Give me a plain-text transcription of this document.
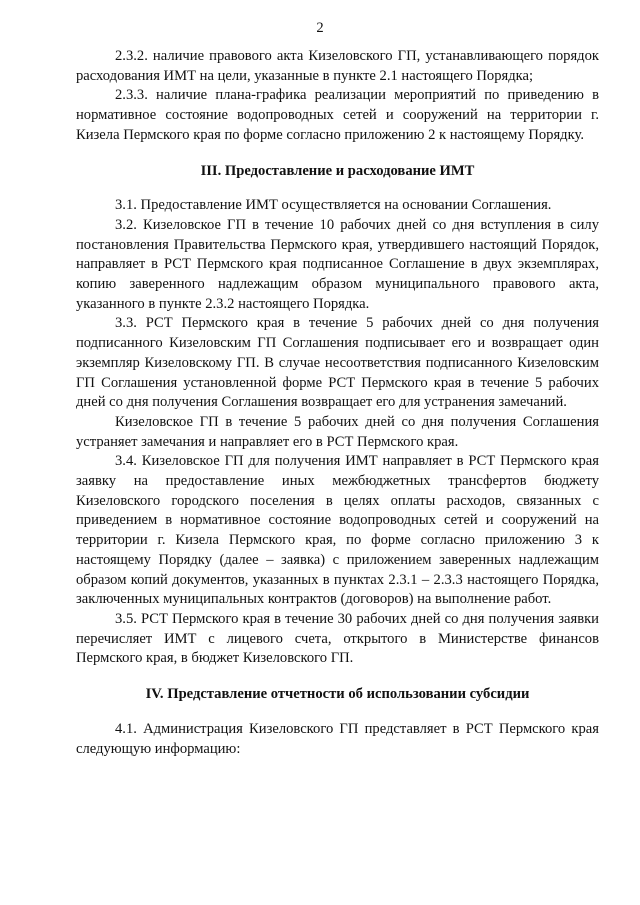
2

2.3.2. наличие правового акта Кизеловского ГП, устанавливающего порядок расходования ИМТ на цели, указанные в пункте 2.1 настоящего Порядка;

2.3.3. наличие плана-графика реализации мероприятий по приведению в нормативное состояние водопроводных сетей и сооружений на территории г. Кизела Пермского края по форме согласно приложению 2 к настоящему Порядку.

III. Предоставление и расходование ИМТ

3.1. Предоставление ИМТ осуществляется на основании Соглашения.

3.2. Кизеловское ГП в течение 10 рабочих дней со дня вступления в силу постановления Правительства Пермского края, утвердившего настоящий Порядок, направляет в РСТ Пермского края подписанное Соглашение в двух экземплярах, копию заверенного надлежащим образом муниципального правового акта, указанного в пункте 2.3.2 настоящего Порядка.

3.3. РСТ Пермского края в течение 5 рабочих дней со дня получения подписанного Кизеловским ГП Соглашения подписывает его и возвращает один экземпляр Кизеловскому ГП. В случае несоответствия подписанного Кизеловским ГП Соглашения установленной форме РСТ Пермского края в течение 5 рабочих дней со дня получения Соглашения возвращает его для устранения замечаний.

Кизеловское ГП в течение 5 рабочих дней со дня получения Соглашения устраняет замечания и направляет его в РСТ Пермского края.

3.4. Кизеловское ГП для получения ИМТ направляет в РСТ Пермского края заявку на предоставление иных межбюджетных трансфертов бюджету Кизеловского городского поселения в целях оплаты расходов, связанных с приведением в нормативное состояние водопроводных сетей и сооружений на территории г. Кизела Пермского края, по форме согласно приложению 3 к настоящему Порядку (далее – заявка) с приложением заверенных надлежащим образом копий документов, указанных в пунктах 2.3.1 – 2.3.3 настоящего Порядка, заключенных муниципальных контрактов (договоров) на выполнение работ.

3.5. РСТ Пермского края в течение 30 рабочих дней со дня получения заявки перечисляет ИМТ с лицевого счета, открытого в Министерстве финансов Пермского края, в бюджет Кизеловского ГП.

IV. Представление отчетности об использовании субсидии

4.1. Администрация Кизеловского ГП представляет в РСТ Пермского края следующую информацию:
